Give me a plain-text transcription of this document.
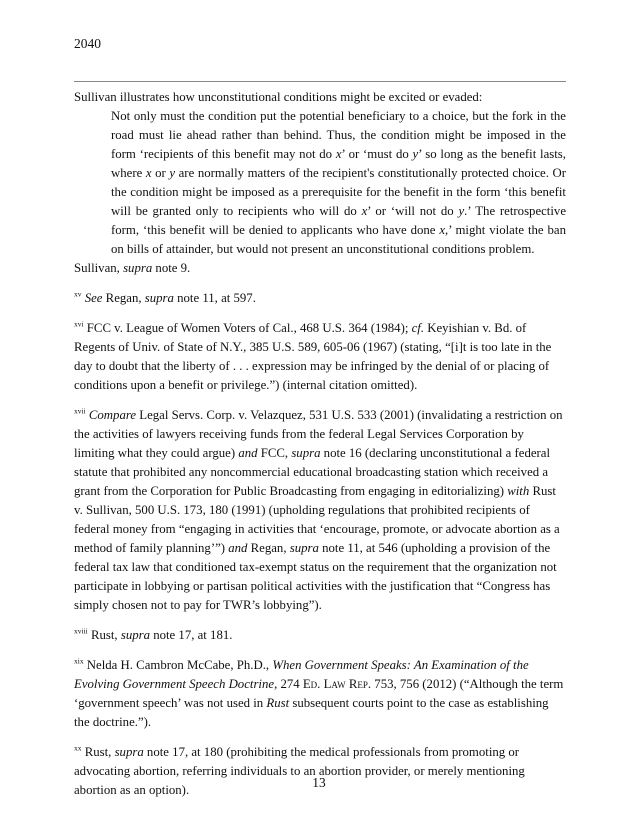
2040

Sullivan illustrates how unconstitutional conditions might be excited or evaded:

Not only must the condition put the potential beneficiary to a choice, but the fork in the road must lie ahead rather than behind. Thus, the condition might be imposed in the form ‘recipients of this benefit may not do x’ or ‘must do y’ so long as the benefit lasts, where x or y are normally matters of the recipient's constitutionally protected choice. Or the condition might be imposed as a prerequisite for the benefit in the form ‘this benefit will be granted only to recipients who will do x’ or ‘will not do y.’ The retrospective form, ‘this benefit will be denied to applicants who have done x,’ might violate the ban on bills of attainder, but would not present an unconstitutional conditions problem.

Sullivan, supra note 9.

$^{xv}$ See Regan, supra note 11, at 597.

$^{xvi}$ FCC v. League of Women Voters of Cal., 468 U.S. 364 (1984); cf. Keyishian v. Bd. of Regents of Univ. of State of N.Y., 385 U.S. 589, 605-06 (1967) (stating, “[i]t is too late in the day to doubt that the liberty of . . . expression may be infringed by the denial of or placing of conditions upon a benefit or privilege.”) (internal citation omitted).

$^{xvii}$ Compare Legal Servs. Corp. v. Velazquez, 531 U.S. 533 (2001) (invalidating a restriction on the activities of lawyers receiving funds from the federal Legal Services Corporation by limiting what they could argue) and FCC, supra note 16 (declaring unconstitutional a federal statute that prohibited any noncommercial educational broadcasting station which received a grant from the Corporation for Public Broadcasting from engaging in editorializing) with Rust v. Sullivan, 500 U.S. 173, 180 (1991) (upholding regulations that prohibited recipients of federal money from “engaging in activities that ‘encourage, promote, or advocate abortion as a method of family planning’”) and Regan, supra note 11, at 546 (upholding a provision of the federal tax law that conditioned tax-exempt status on the requirement that the organization not participate in lobbying or partisan political activities with the justification that “Congress has simply chosen not to pay for TWR’s lobbying”).

$^{xviii}$ Rust, supra note 17, at 181.

$^{xix}$ Nelda H. Cambron McCabe, Ph.D., When Government Speaks: An Examination of the Evolving Government Speech Doctrine, 274 Ed. Law Rep. 753, 756 (2012) (“Although the term ‘government speech’ was not used in Rust subsequent courts point to the case as establishing the doctrine.”).

$^{xx}$ Rust, supra note 17, at 180 (prohibiting the medical professionals from promoting or advocating abortion, referring individuals to an abortion provider, or merely mentioning abortion as an option).	13
